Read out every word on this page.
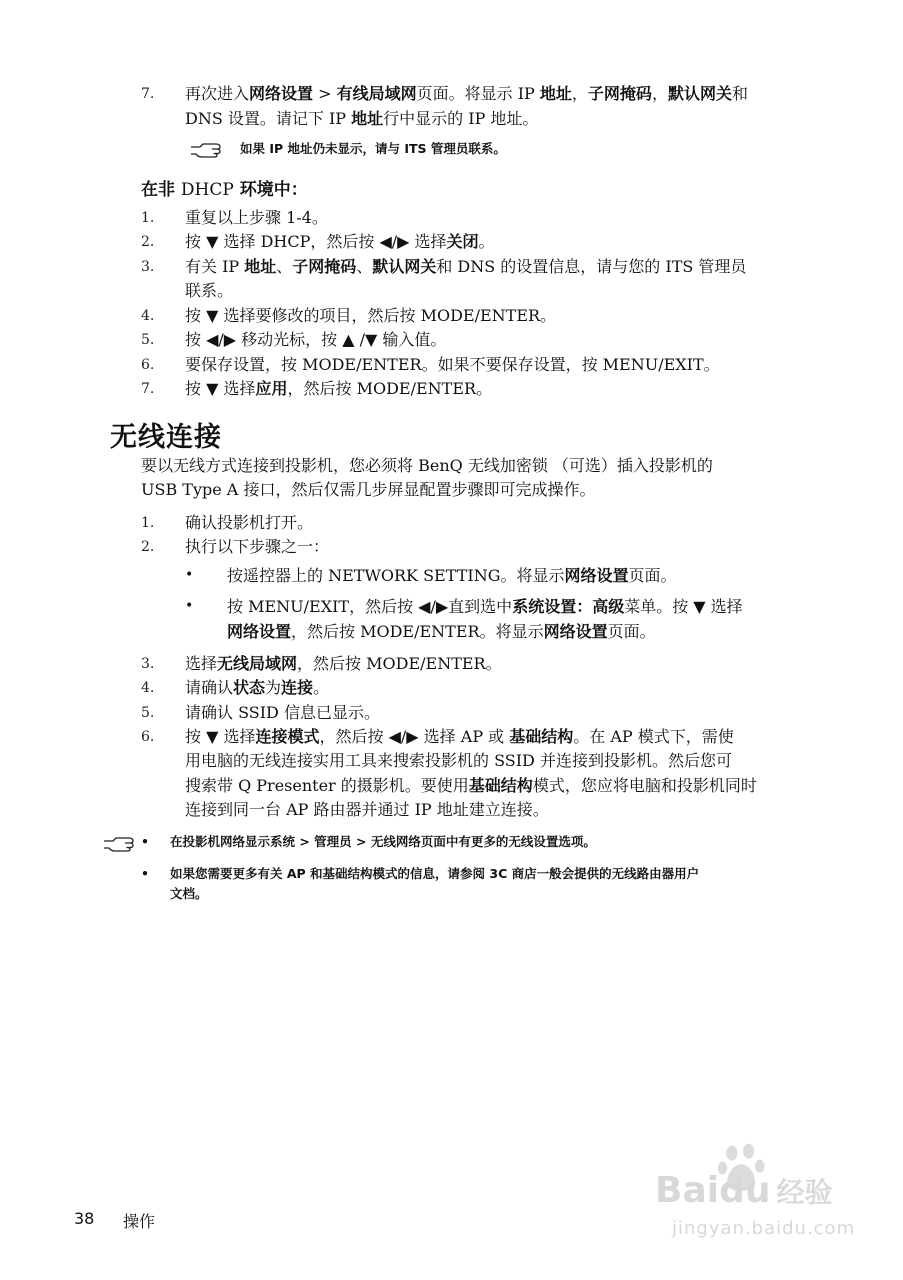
7. 再次进入网络设置 > 有线局域网页面。将显示 IP 地址，子网掩码，默认网关和
DNS 设置。请记下 IP 地址行中显示的 IP 地址。
如果 IP 地址仍未显示，请与 ITS 管理员联系。
在非 DHCP 环境中：
1. 重复以上步骤 1-4。
2. 按 ▼ 选择 DHCP，然后按 ◀/▶ 选择关闭。
3. 有关 IP 地址、子网掩码、默认网关和 DNS 的设置信息，请与您的 ITS 管理员
联系。
4. 按 ▼ 选择要修改的项目，然后按 MODE/ENTER。
5. 按 ◀/▶ 移动光标，按 ▲ /▼ 输入值。
6. 要保存设置，按 MODE/ENTER。如果不要保存设置，按 MENU/EXIT。
7. 按 ▼ 选择应用，然后按 MODE/ENTER。
无线连接
要以无线方式连接到投影机，您必须将 BenQ 无线加密锁 （可选）插入投影机的
USB Type A 接口，然后仅需几步屏显配置步骤即可完成操作。
1. 确认投影机打开。
2. 执行以下步骤之一：
• 按遥控器上的 NETWORK SETTING。将显示网络设置页面。
• 按 MENU/EXIT，然后按 ◀/▶直到选中系统设置：高级菜单。按 ▼ 选择
网络设置，然后按 MODE/ENTER。将显示网络设置页面。
3. 选择无线局域网，然后按 MODE/ENTER。
4. 请确认状态为连接。
5. 请确认 SSID 信息已显示。
6. 按 ▼ 选择连接模式，然后按 ◀/▶ 选择 AP 或 基础结构。在 AP 模式下，需使
用电脑的无线连接实用工具来搜索投影机的 SSID 并连接到投影机。然后您可
搜索带 Q Presenter 的摄影机。要使用基础结构模式，您应将电脑和投影机同时
连接到同一台 AP 路由器并通过 IP 地址建立连接。
• 在投影机网络显示系统 > 管理员 > 无线网络页面中有更多的无线设置选项。
• 如果您需要更多有关 AP 和基础结构模式的信息，请参阅 3C 商店一般会提供的无线路由器用户
文档。
38 操作
Baidu 经验
jingyan.baidu.com
